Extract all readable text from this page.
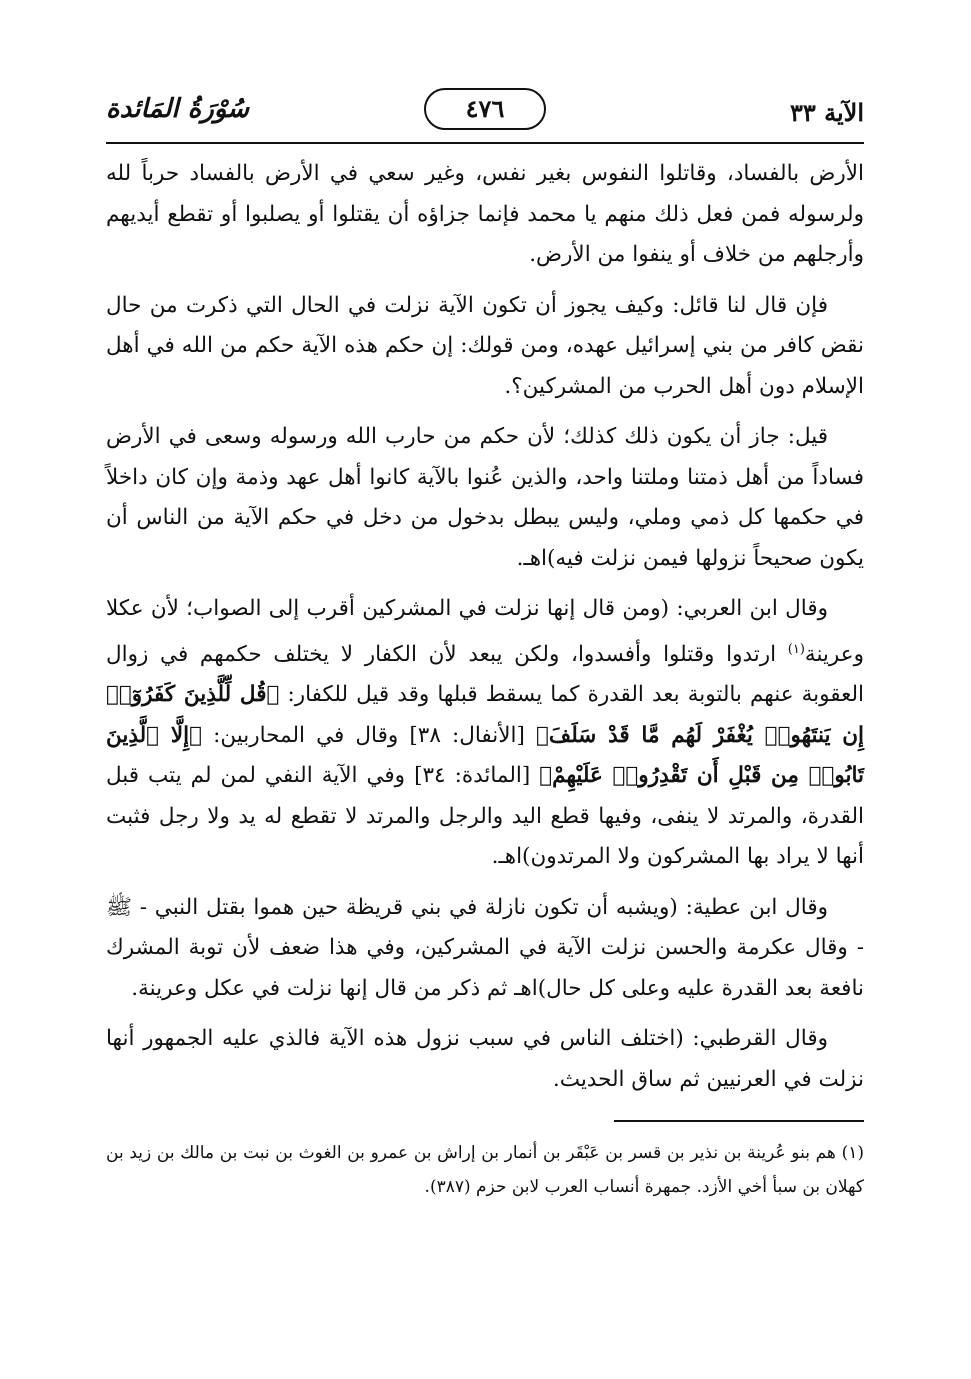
الآية ٣٣
٤٧٦
سُوْرَةُ المَائدة

الأرض بالفساد، وقاتلوا النفوس بغير نفس، وغير سعي في الأرض بالفساد حرباً لله ولرسوله فمن فعل ذلك منهم يا محمد فإنما جزاؤه أن يقتلوا أو يصلبوا أو تقطع أيديهم وأرجلهم من خلاف أو ينفوا من الأرض.

فإن قال لنا قائل: وكيف يجوز أن تكون الآية نزلت في الحال التي ذكرت من حال نقض كافر من بني إسرائيل عهده، ومن قولك: إن حكم هذه الآية حكم من الله في أهل الإسلام دون أهل الحرب من المشركين؟.

قيل: جاز أن يكون ذلك كذلك؛ لأن حكم من حارب الله ورسوله وسعى في الأرض فساداً من أهل ذمتنا وملتنا واحد، والذين عُنوا بالآية كانوا أهل عهد وذمة وإن كان داخلاً في حكمها كل ذمي وملي، وليس يبطل بدخول من دخل في حكم الآية من الناس أن يكون صحيحاً نزولها فيمن نزلت فيه)اهـ.

وقال ابن العربي: (ومن قال إنها نزلت في المشركين أقرب إلى الصواب؛ لأن عكلا وعرينة$^{(١)}$ ارتدوا وقتلوا وأفسدوا، ولكن يبعد لأن الكفار لا يختلف حكمهم في زوال العقوبة عنهم بالتوبة بعد القدرة كما يسقط قبلها وقد قيل للكفار: ﴿قُل لِّلَّذِينَ كَفَرُوٓا۟ إِن يَنتَهُوا۟ يُغْفَرْ لَهُم مَّا قَدْ سَلَفَ﴾ [الأنفال: ٣٨] وقال في المحاربين: ﴿إِلَّا ٱلَّذِينَ تَابُوا۟ مِن قَبْلِ أَن تَقْدِرُوا۟ عَلَيْهِمْ﴾ [المائدة: ٣٤] وفي الآية النفي لمن لم يتب قبل القدرة، والمرتد لا ينفى، وفيها قطع اليد والرجل والمرتد لا تقطع له يد ولا رجل فثبت أنها لا يراد بها المشركون ولا المرتدون)اهـ.

وقال ابن عطية: (ويشبه أن تكون نازلة في بني قريظة حين هموا بقتل النبي - ﷺ - وقال عكرمة والحسن نزلت الآية في المشركين، وفي هذا ضعف لأن توبة المشرك نافعة بعد القدرة عليه وعلى كل حال)اهـ ثم ذكر من قال إنها نزلت في عكل وعرينة.

وقال القرطبي: (اختلف الناس في سبب نزول هذه الآية فالذي عليه الجمهور أنها نزلت في العرنيين ثم ساق الحديث.

(١) هم بنو عُرينة بن نذير بن قسر بن عَبْقَر بن أنمار بن إراش بن عمرو بن الغوث بن نبت بن مالك بن زيد بن كهلان بن سبأ أخي الأزد. جمهرة أنساب العرب لابن حزم (٣٨٧).
